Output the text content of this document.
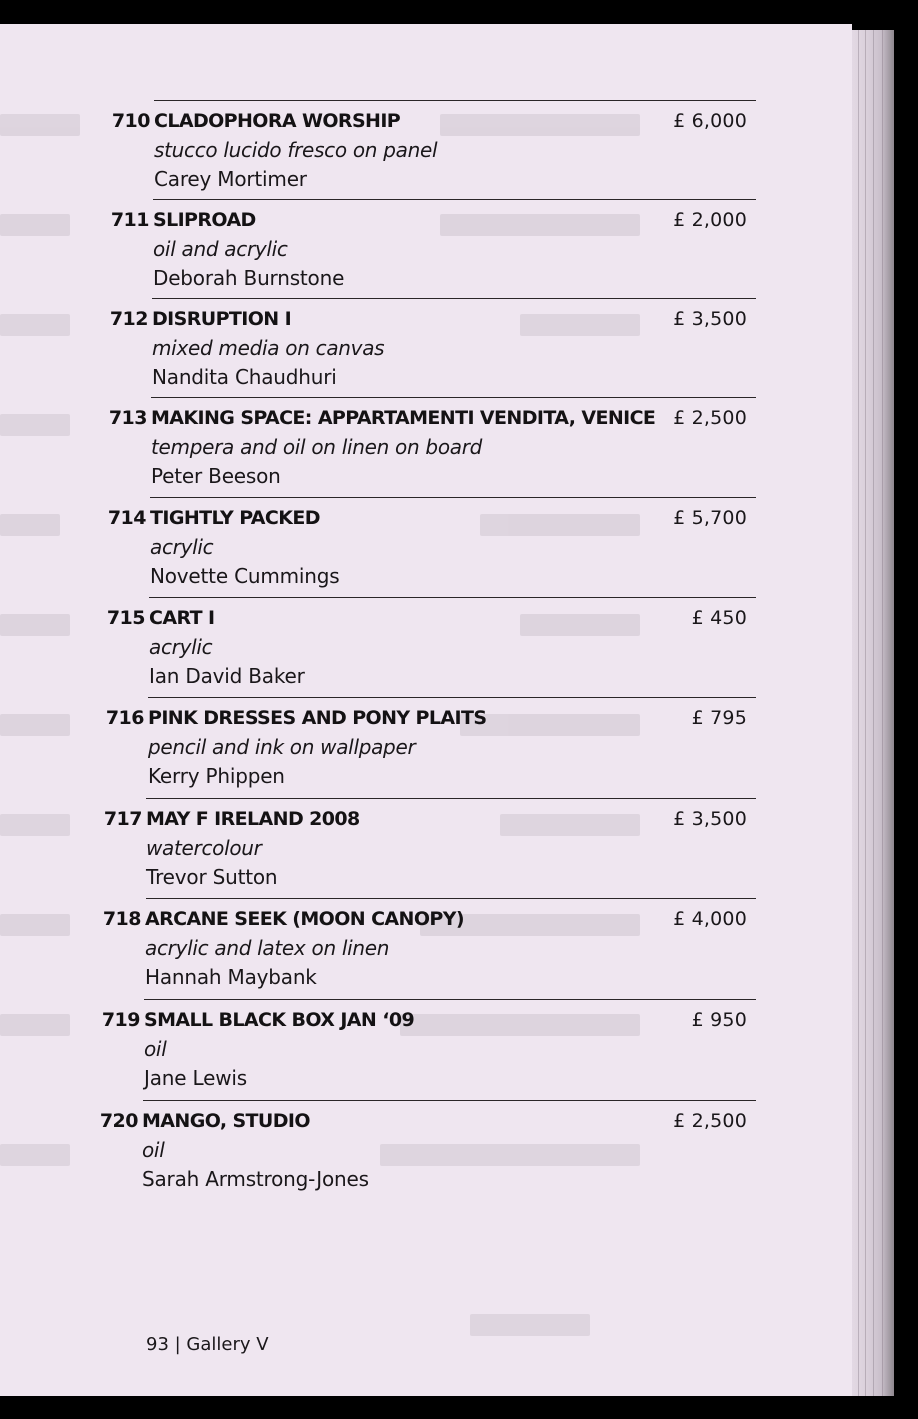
710 CLADOPHORA WORSHIP
stucco lucido fresco on panel
Carey Mortimer
£ 6,000
711 SLIPROAD
oil and acrylic
Deborah Burnstone
£ 2,000
712 DISRUPTION I
mixed media on canvas
Nandita Chaudhuri
£ 3,500
713 MAKING SPACE: APPARTAMENTI VENDITA, VENICE
tempera and oil on linen on board
Peter Beeson
£ 2,500
714 TIGHTLY PACKED
acrylic
Novette Cummings
£ 5,700
715 CART I
acrylic
Ian David Baker
£ 450
716 PINK DRESSES AND PONY PLAITS
pencil and ink on wallpaper
Kerry Phippen
£ 795
717 MAY F IRELAND 2008
watercolour
Trevor Sutton
£ 3,500
718 ARCANE SEEK (MOON CANOPY)
acrylic and latex on linen
Hannah Maybank
£ 4,000
719 SMALL BLACK BOX JAN ‘09
oil
Jane Lewis
£ 950
720 MANGO, STUDIO
oil
Sarah Armstrong-Jones
£ 2,500
93 | Gallery V
